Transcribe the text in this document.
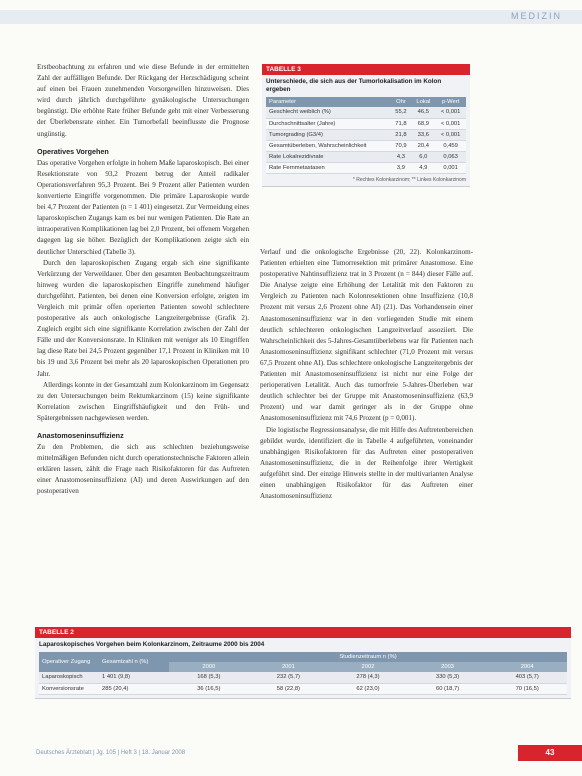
MEDIZIN

Erstbeobachtung zu erfahren und wie diese Befunde in der ermittelten Zahl der auffälligen Befunde. Der Rückgang der Herzschädigung scheint auf einen bei Frauen zunehmenden Vorsorgewillen hinzuweisen. Dies wird durch jährlich durchgeführte gynäkologische Untersuchungen begünstigt. Die erhöhte Rate früher Befunde geht mit einer Verbesserung der Überlebensrate einher. Ein Tumorbefall beeinflusste die Prognose ungünstig.

Operatives Vorgehen

Das operative Vorgehen erfolgte in hohem Maße laparoskopisch. Bei einer Resektionsrate von 93,2 Prozent betrug der Anteil radikaler Operationsverfahren 95,3 Prozent. Bei 9 Prozent aller Patienten wurden konvertierte Eingriffe vorgenommen. Die primäre Laparoskopie wurde bei 4,7 Prozent der Patienten (n = 1 401) eingesetzt. Zur Vermeidung eines laparoskopischen Zugangs kam es bei nur wenigen Patienten. Die Rate an intraoperativen Komplikationen lag bei 2,0 Prozent, bei offenem Vorgehen dagegen lag sie höher. Bezüglich der Komplikationen zeigte sich ein deutlicher Unterschied (Tabelle 3).

Durch den laparoskopischen Zugang ergab sich eine signifikante Verkürzung der Verweildauer. Über den gesamten Beobachtungszeitraum hinweg wurden die laparoskopischen Eingriffe zunehmend häufiger durchgeführt. Patienten, bei denen eine Konversion erfolgte, zeigten im Vergleich mit primär offen operierten Patienten sowohl schlechtere postoperative als auch onkologische Langzeitergebnisse (Grafik 2). Zugleich ergibt sich eine signifikante Korrelation zwischen der Zahl der Fälle und der Konversionsrate. In Kliniken mit weniger als 10 Eingriffen lag diese Rate bei 24,5 Prozent gegenüber 17,1 Prozent in Kliniken mit 10 bis 19 und 3,6 Prozent bei mehr als 20 laparoskopischen Operationen pro Jahr.

Allerdings konnte in der Gesamtzahl zum Kolonkarzinom im Gegensatz zu den Untersuchungen beim Rektumkarzinom (15) keine signifikante Korrelation zwischen Eingriffshäufigkeit und den Früh- und Spätergebnissen nachgewiesen werden.

Anastomoseninsuffizienz

Zu den Problemen, die sich aus schlechten beziehungsweise mittelmäßigen Befunden nicht durch operationstechnische Faktoren allein erklären lassen, zählt die Frage nach Risikofaktoren für das Auftreten einer Anastomoseninsuffizienz (AI) und deren Auswirkungen auf den postoperativen

TABELLE 3
Unterschiede, die sich aus der Tumorlokalisation im Kolon ergeben
Parameter	Ohr	Lokal	p-Wert
Geschlecht weiblich (%)	55,2	46,5	< 0,001
Durchschnittsalter (Jahre)	71,8	68,9	< 0,001
Tumorgrading (G3/4)	21,8	33,6	< 0,001
Gesamtüberleben, Wahrscheinlichkeit	70,9	20,4	0,459
Rate Lokalrezidivrate	4,3	6,0	0,063
Rate Fernmetastasen	3,9	4,9	0,001
* Rechtes Kolonkarzinom; ** Linkes Kolonkarzinom

Verlauf und die onkologische Ergebnisse (20, 22). Kolonkarzinom-Patienten erhielten eine Tumorresektion mit primärer Anastomose. Eine postoperative Nahtinsuffizienz trat in 3 Prozent (n = 844) dieser Fälle auf. Die Analyse zeigte eine Erhöhung der Letalität mit den Faktoren zu Vergleich zu Patienten nach Kolonresektionen ohne Insuffizienz (10,8 Prozent mit versus 2,6 Prozent ohne AI) (21). Das Vorhandensein einer Anastomoseninsuffizienz war in den vorliegenden Studie mit einem deutlich schlechteren onkologischen Langzeitverlauf assoziiert. Die Wahrscheinlichkeit des 5-Jahres-Gesamtüberlebens war für Patienten nach Anastomoseninsuffizienz signifikant schlechter (71,0 Prozent mit versus 67,5 Prozent ohne AI). Das schlechtere onkologische Langzeitergebnis der Patienten mit Anastomoseninsuffizienz ist nicht nur eine Folge der perioperativen Letalität. Auch das tumorfreie 5-Jahres-Überleben war deutlich schlechter bei der Gruppe mit Anastomoseninsuffizienz (63,9 Prozent) und war damit geringer als in der Gruppe ohne Anastomoseninsuffizienz mit 74,6 Prozent (p = 0,001).

Die logistische Regressionsanalyse, die mit Hilfe des Auftretenbereichen gebildet wurde, identifiziert die in Tabelle 4 aufgeführten, voneinander unabhängigen Risikofaktoren für das Auftreten einer postoperativen Anastomoseninsuffizienz, die in der Reihenfolge ihrer Wertigkeit aufgeführt sind. Der einzige Hinweis stellte in der multivarianten Analyse einen unabhängigen Risikofaktor für das Auftreten einer Anastomoseninsuffizienz

TABELLE 2
Laparoskopisches Vorgehen beim Kolonkarzinom, Zeitraume 2000 bis 2004
Operativer Zugang	Gesamtzahl n (%)	Studienzeitraum n (%)				
		2000	2001	2002	2003	2004
Laparoskopisch	1 401 (9,8)	168 (5,3)	232 (5,7)	278 (4,3)	330 (5,3)	403 (5,7)
Konversionsrate	285 (20,4)	36 (16,5)	58 (22,8)	62 (23,0)	60 (18,7)	70 (16,5)
Deutsches Ärzteblatt | Jg. 105 | Heft 3 | 18. Januar 2008	43
